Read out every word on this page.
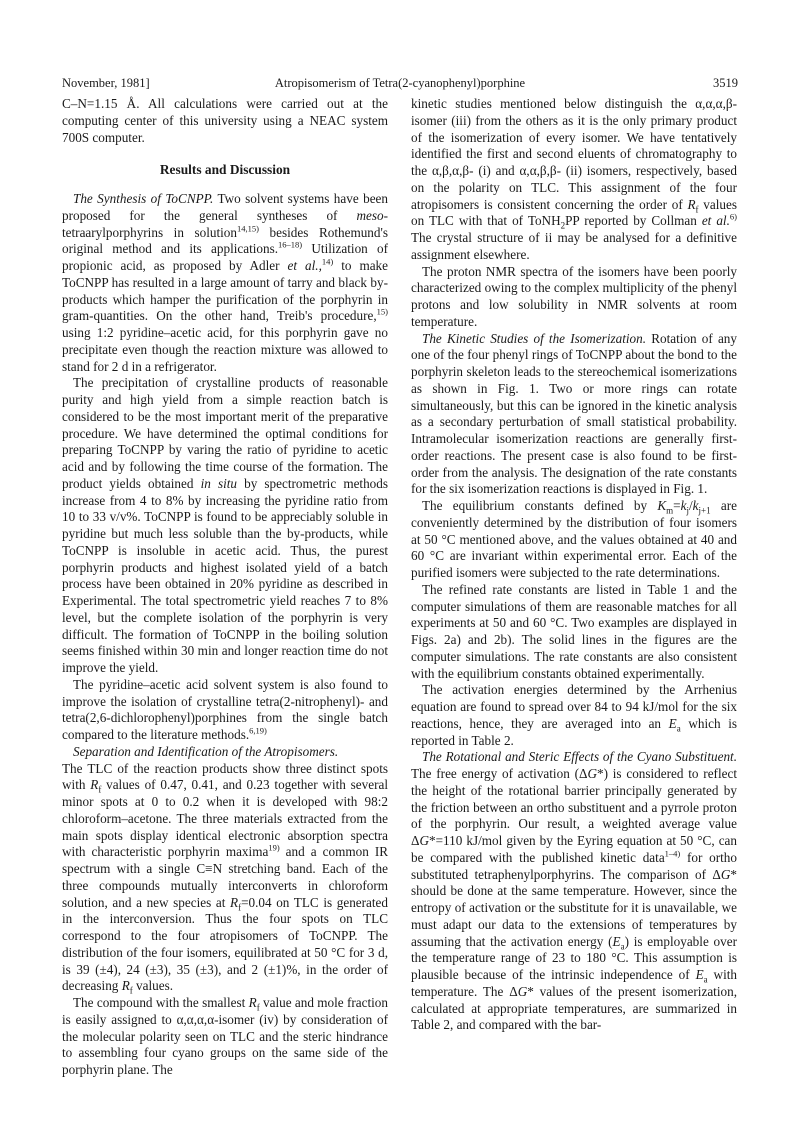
November, 1981]	Atropisomerism of Tetra(2-cyanophenyl)porphine	3519

C–N=1.15 Å. All calculations were carried out at the computing center of this university using a NEAC system 700S computer.

Results and Discussion

The Synthesis of ToCNPP. Two solvent systems have been proposed for the general syntheses of meso-tetraarylporphyrins in solution$^{14,15)}$ besides Rothemund's original method and its applications.$^{16-18)}$ Utilization of propionic acid, as proposed by Adler et al.,$^{14)}$ to make ToCNPP has resulted in a large amount of tarry and black by-products which hamper the purification of the porphyrin in gram-quantities. On the other hand, Treib's procedure,$^{15)}$ using 1:2 pyridine–acetic acid, for this porphyrin gave no precipitate even though the reaction mixture was allowed to stand for 2 d in a refrigerator.

The precipitation of crystalline products of reasonable purity and high yield from a simple reaction batch is considered to be the most important merit of the preparative procedure. We have determined the optimal conditions for preparing ToCNPP by varing the ratio of pyridine to acetic acid and by following the time course of the formation. The product yields obtained in situ by spectrometric methods increase from 4 to 8% by increasing the pyridine ratio from 10 to 33 v/v%. ToCNPP is found to be appreciably soluble in pyridine but much less soluble than the by-products, while ToCNPP is insoluble in acetic acid. Thus, the purest porphyrin products and highest isolated yield of a batch process have been obtained in 20% pyridine as described in Experimental. The total spectrometric yield reaches 7 to 8% level, but the complete isolation of the porphyrin is very difficult. The formation of ToCNPP in the boiling solution seems finished within 30 min and longer reaction time do not improve the yield.

The pyridine–acetic acid solvent system is also found to improve the isolation of crystalline tetra(2-nitrophenyl)- and tetra(2,6-dichlorophenyl)porphines from the single batch compared to the literature methods.$^{6,19)}$

Separation and Identification of the Atropisomers.

The TLC of the reaction products show three distinct spots with $R_f$ values of 0.47, 0.41, and 0.23 together with several minor spots at 0 to 0.2 when it is developed with 98:2 chloroform–acetone. The three materials extracted from the main spots display identical electronic absorption spectra with characteristic porphyrin maxima$^{19)}$ and a common IR spectrum with a single C≡N stretching band. Each of the three compounds mutually interconverts in chloroform solution, and a new species at $R_f=0.04$ on TLC is generated in the interconversion. Thus the four spots on TLC correspond to the four atropisomers of ToCNPP. The distribution of the four isomers, equilibrated at 50 °C for 3 d, is 39 (±4), 24 (±3), 35 (±3), and 2 (±1)%, in the order of decreasing $R_f$ values.

The compound with the smallest $R_f$ value and mole fraction is easily assigned to α,α,α,α-isomer (iv) by consideration of the molecular polarity seen on TLC and the steric hindrance to assembling four cyano groups on the same side of the porphyrin plane. The

kinetic studies mentioned below distinguish the α,α,α,β-isomer (iii) from the others as it is the only primary product of the isomerization of every isomer. We have tentatively identified the first and second eluents of chromatography to the α,β,α,β- (i) and α,α,β,β- (ii) isomers, respectively, based on the polarity on TLC. This assignment of the four atropisomers is consistent concerning the order of $R_f$ values on TLC with that of ToNH$_2$PP reported by Collman et al.$^{6)}$ The crystal structure of ii may be analysed for a definitive assignment elsewhere.

The proton NMR spectra of the isomers have been poorly characterized owing to the complex multiplicity of the phenyl protons and low solubility in NMR solvents at room temperature.

The Kinetic Studies of the Isomerization. Rotation of any one of the four phenyl rings of ToCNPP about the bond to the porphyrin skeleton leads to the stereochemical isomerizations as shown in Fig. 1. Two or more rings can rotate simultaneously, but this can be ignored in the kinetic analysis as a secondary perturbation of small statistical probability. Intramolecular isomerization reactions are generally first-order reactions. The present case is also found to be first-order from the analysis. The designation of the rate constants for the six isomerization reactions is displayed in Fig. 1.

The equilibrium constants defined by $K_m=k_j/k_{j+1}$ are conveniently determined by the distribution of four isomers at 50 °C mentioned above, and the values obtained at 40 and 60 °C are invariant within experimental error. Each of the purified isomers were subjected to the rate determinations.

The refined rate constants are listed in Table 1 and the computer simulations of them are reasonable matches for all experiments at 50 and 60 °C. Two examples are displayed in Figs. 2a) and 2b). The solid lines in the figures are the computer simulations. The rate constants are also consistent with the equilibrium constants obtained experimentally.

The activation energies determined by the Arrhenius equation are found to spread over 84 to 94 kJ/mol for the six reactions, hence, they are averaged into an $E_a$ which is reported in Table 2.

The Rotational and Steric Effects of the Cyano Substituent. The free energy of activation (ΔG*) is considered to reflect the height of the rotational barrier principally generated by the friction between an ortho substituent and a pyrrole proton of the porphyrin. Our result, a weighted average value ΔG*=110 kJ/mol given by the Eyring equation at 50 °C, can be compared with the published kinetic data$^{1-4)}$ for ortho substituted tetraphenylporphyrins. The comparison of ΔG* should be done at the same temperature. However, since the entropy of activation or the substitute for it is unavailable, we must adapt our data to the extensions of temperatures by assuming that the activation energy $(E_a)$ is employable over the temperature range of 23 to 180 °C. This assumption is plausible because of the intrinsic independence of $E_a$ with temperature. The ΔG* values of the present isomerization, calculated at appropriate temperatures, are summarized in Table 2, and compared with the bar-
